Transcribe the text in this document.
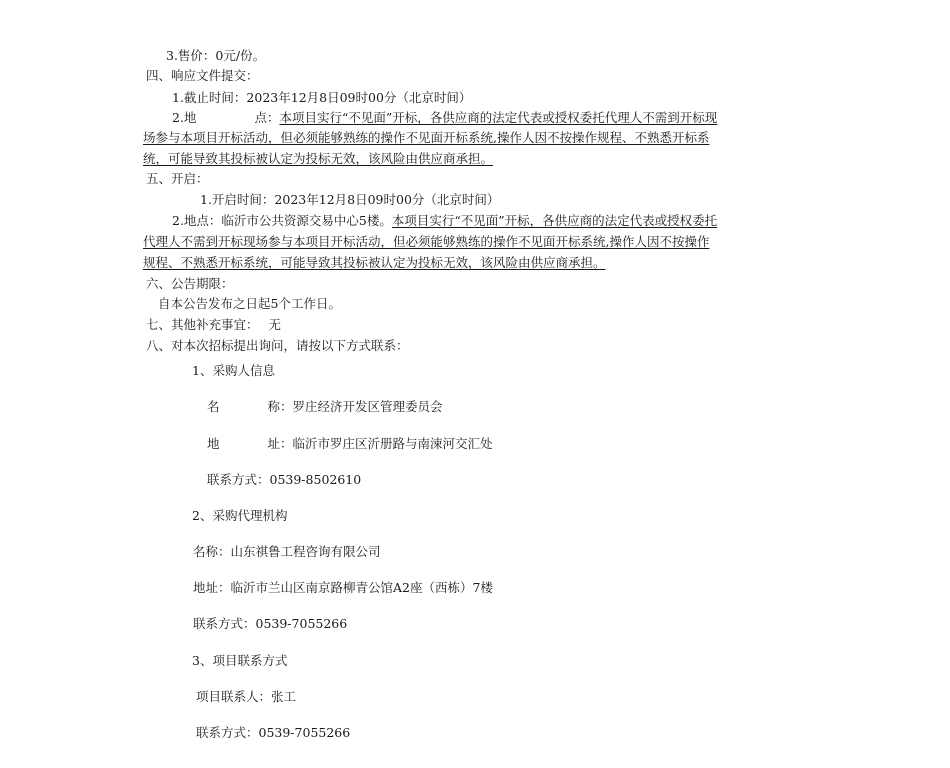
3.售价：0元/份。
四、响应文件提交：
1.截止时间：2023年12月8日09时00分（北京时间）
2.地	点：本项目实行“不见面”开标，各供应商的法定代表或授权委托代理人不需到开标现
场参与本项目开标活动，但必须能够熟练的操作不见面开标系统,操作人因不按操作规程、不熟悉开标系
统，可能导致其投标被认定为投标无效，该风险由供应商承担。
五、开启：
1.开启时间：2023年12月8日09时00分（北京时间）
2.地点：临沂市公共资源交易中心5楼。本项目实行“不见面”开标，各供应商的法定代表或授权委托
代理人不需到开标现场参与本项目开标活动，但必须能够熟练的操作不见面开标系统,操作人因不按操作
规程、不熟悉开标系统，可能导致其投标被认定为投标无效，该风险由供应商承担。
六、公告期限：
自本公告发布之日起5个工作日。
七、其他补充事宜： 无
八、对本次招标提出询问，请按以下方式联系：
1、采购人信息
名	称：罗庄经济开发区管理委员会
地	址：临沂市罗庄区沂册路与南涑河交汇处
联系方式：0539-8502610
2、采购代理机构
名称：山东祺鲁工程咨询有限公司
地址：临沂市兰山区南京路柳青公馆A2座（西栋）7楼
联系方式：0539-7055266
3、项目联系方式
项目联系人：张工
联系方式：0539-7055266
